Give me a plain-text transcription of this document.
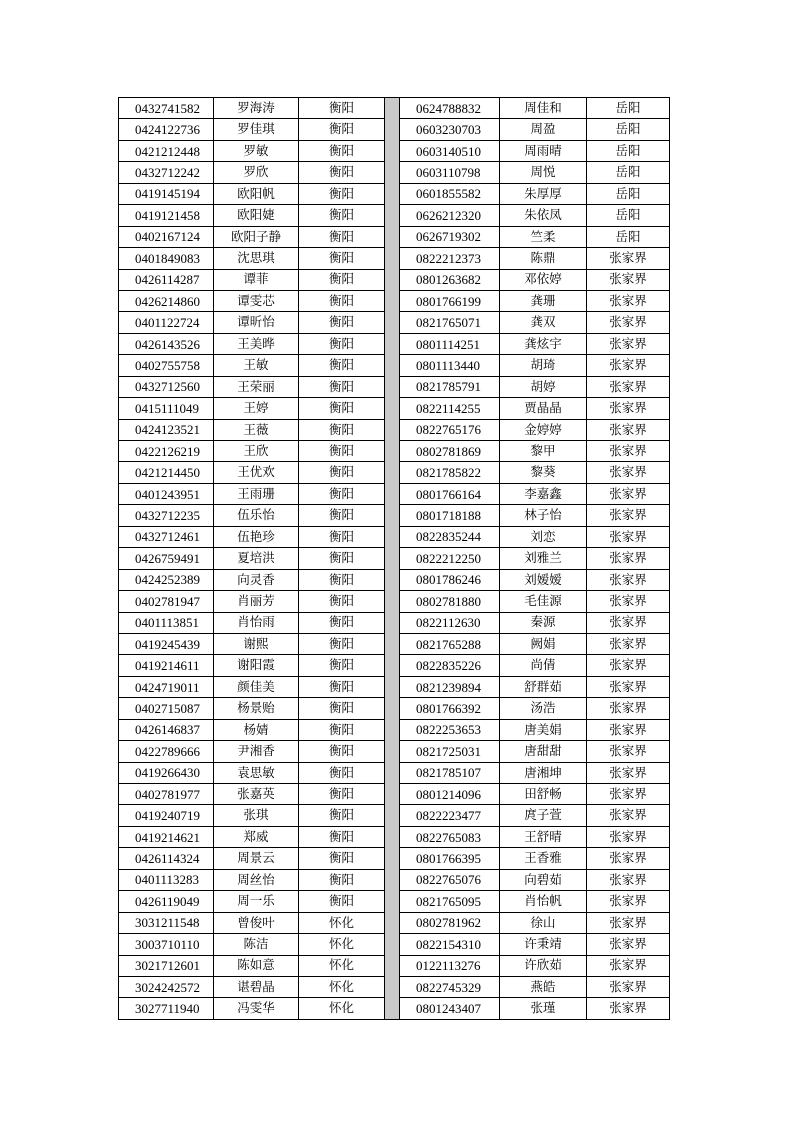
0432741582	罗海涛	衡阳		0624788832	周佳和	岳阳
0424122736	罗佳琪	衡阳		0603230703	周盈	岳阳
0421212448	罗敏	衡阳		0603140510	周雨晴	岳阳
0432712242	罗欣	衡阳		0603110798	周悦	岳阳
0419145194	欧阳帆	衡阳		0601855582	朱厚厚	岳阳
0419121458	欧阳婕	衡阳		0626212320	朱依凤	岳阳
0402167124	欧阳子静	衡阳		0626719302	竺柔	岳阳
0401849083	沈思琪	衡阳		0822212373	陈鼎	张家界
0426114287	谭菲	衡阳		0801263682	邓依婷	张家界
0426214860	谭雯芯	衡阳		0801766199	龚珊	张家界
0401122724	谭昕怡	衡阳		0821765071	龚双	张家界
0426143526	王美晔	衡阳		0801114251	龚炫宇	张家界
0402755758	王敏	衡阳		0801113440	胡琦	张家界
0432712560	王荣丽	衡阳		0821785791	胡婷	张家界
0415111049	王婷	衡阳		0822114255	贾晶晶	张家界
0424123521	王薇	衡阳		0822765176	金婷婷	张家界
0422126219	王欣	衡阳		0802781869	黎甲	张家界
0421214450	王优欢	衡阳		0821785822	黎葵	张家界
0401243951	王雨珊	衡阳		0801766164	李嘉鑫	张家界
0432712235	伍乐怡	衡阳		0801718188	林子怡	张家界
0432712461	伍艳珍	衡阳		0822835244	刘恋	张家界
0426759491	夏培洪	衡阳		0822212250	刘雅兰	张家界
0424252389	向灵香	衡阳		0801786246	刘嫒嫒	张家界
0402781947	肖丽芳	衡阳		0802781880	毛佳源	张家界
0401113851	肖怡雨	衡阳		0822112630	秦源	张家界
0419245439	谢熙	衡阳		0821765288	阙娟	张家界
0419214611	谢阳霞	衡阳		0822835226	尚倩	张家界
0424719011	颜佳美	衡阳		0821239894	舒群茹	张家界
0402715087	杨景贻	衡阳		0801766392	汤浩	张家界
0426146837	杨婧	衡阳		0822253653	唐美娟	张家界
0422789666	尹湘香	衡阳		0821725031	唐甜甜	张家界
0419266430	袁思敏	衡阳		0821785107	唐湘坤	张家界
0402781977	张嘉英	衡阳		0801214096	田舒畅	张家界
0419240719	张琪	衡阳		0822223477	庹子萱	张家界
0419214621	郑威	衡阳		0822765083	王舒晴	张家界
0426114324	周景云	衡阳		0801766395	王香雅	张家界
0401113283	周丝怡	衡阳		0822765076	向碧茹	张家界
0426119049	周一乐	衡阳		0821765095	肖怡帆	张家界
3031211548	曾俊叶	怀化		0802781962	徐山	张家界
3003710110	陈洁	怀化		0822154310	许秉靖	张家界
3021712601	陈如意	怀化		0122113276	许欣茹	张家界
3024242572	谌碧晶	怀化		0822745329	燕皓	张家界
3027711940	冯雯华	怀化		0801243407	张瑾	张家界
